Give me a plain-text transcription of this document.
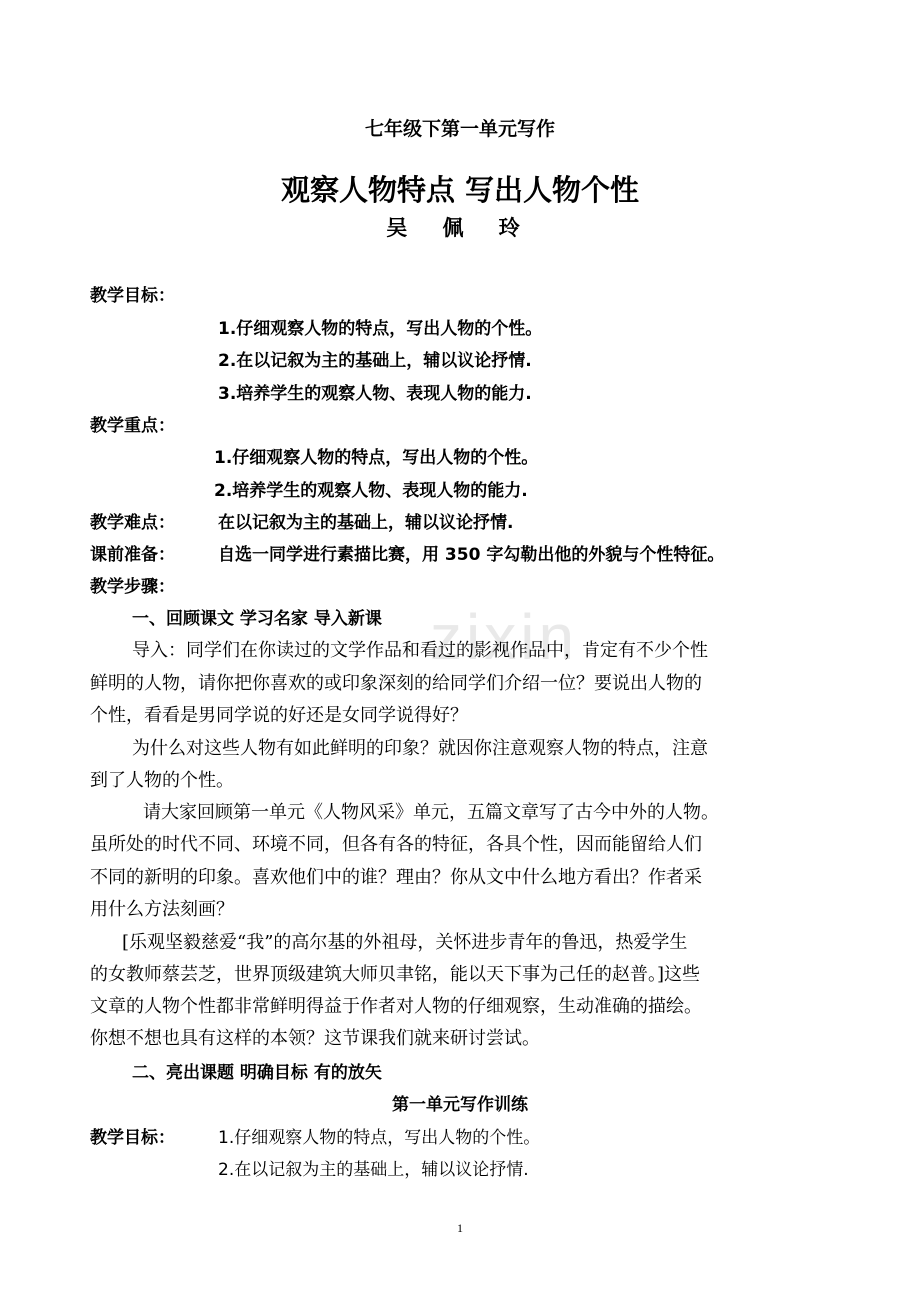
zixin
七年级下第一单元写作
观察人物特点 写出人物个性
吴 佩 玲
教学目标：
1.仔细观察人物的特点，写出人物的个性。
2.在以记叙为主的基础上，辅以议论抒情.
3.培养学生的观察人物、表现人物的能力.
教学重点：
1.仔细观察人物的特点，写出人物的个性。
2.培养学生的观察人物、表现人物的能力.
教学难点：	在以记叙为主的基础上，辅以议论抒情.
课前准备：	自选一同学进行素描比赛，用 350 字勾勒出他的外貌与个性特征。
教学步骤：
一、回顾课文 学习名家 导入新课
导入：同学们在你读过的文学作品和看过的影视作品中，肯定有不少个性
鲜明的人物，请你把你喜欢的或印象深刻的给同学们介绍一位？要说出人物的
个性，看看是男同学说的好还是女同学说得好？
为什么对这些人物有如此鲜明的印象？就因你注意观察人物的特点，注意
到了人物的个性。
请大家回顾第一单元《人物风采》单元，五篇文章写了古今中外的人物。
虽所处的时代不同、环境不同，但各有各的特征，各具个性，因而能留给人们
不同的新明的印象。喜欢他们中的谁？理由？你从文中什么地方看出？作者采
用什么方法刻画？
[乐观坚毅慈爱“我”的高尔基的外祖母，关怀进步青年的鲁迅，热爱学生
的女教师蔡芸芝，世界顶级建筑大师贝聿铭，能以天下事为己任的赵普。]这些
文章的人物个性都非常鲜明得益于作者对人物的仔细观察，生动准确的描绘。
你想不想也具有这样的本领？这节课我们就来研讨尝试。
二、亮出课题 明确目标 有的放矢
第一单元写作训练
教学目标：	1.仔细观察人物的特点，写出人物的个性。
2.在以记叙为主的基础上，辅以议论抒情.
1
